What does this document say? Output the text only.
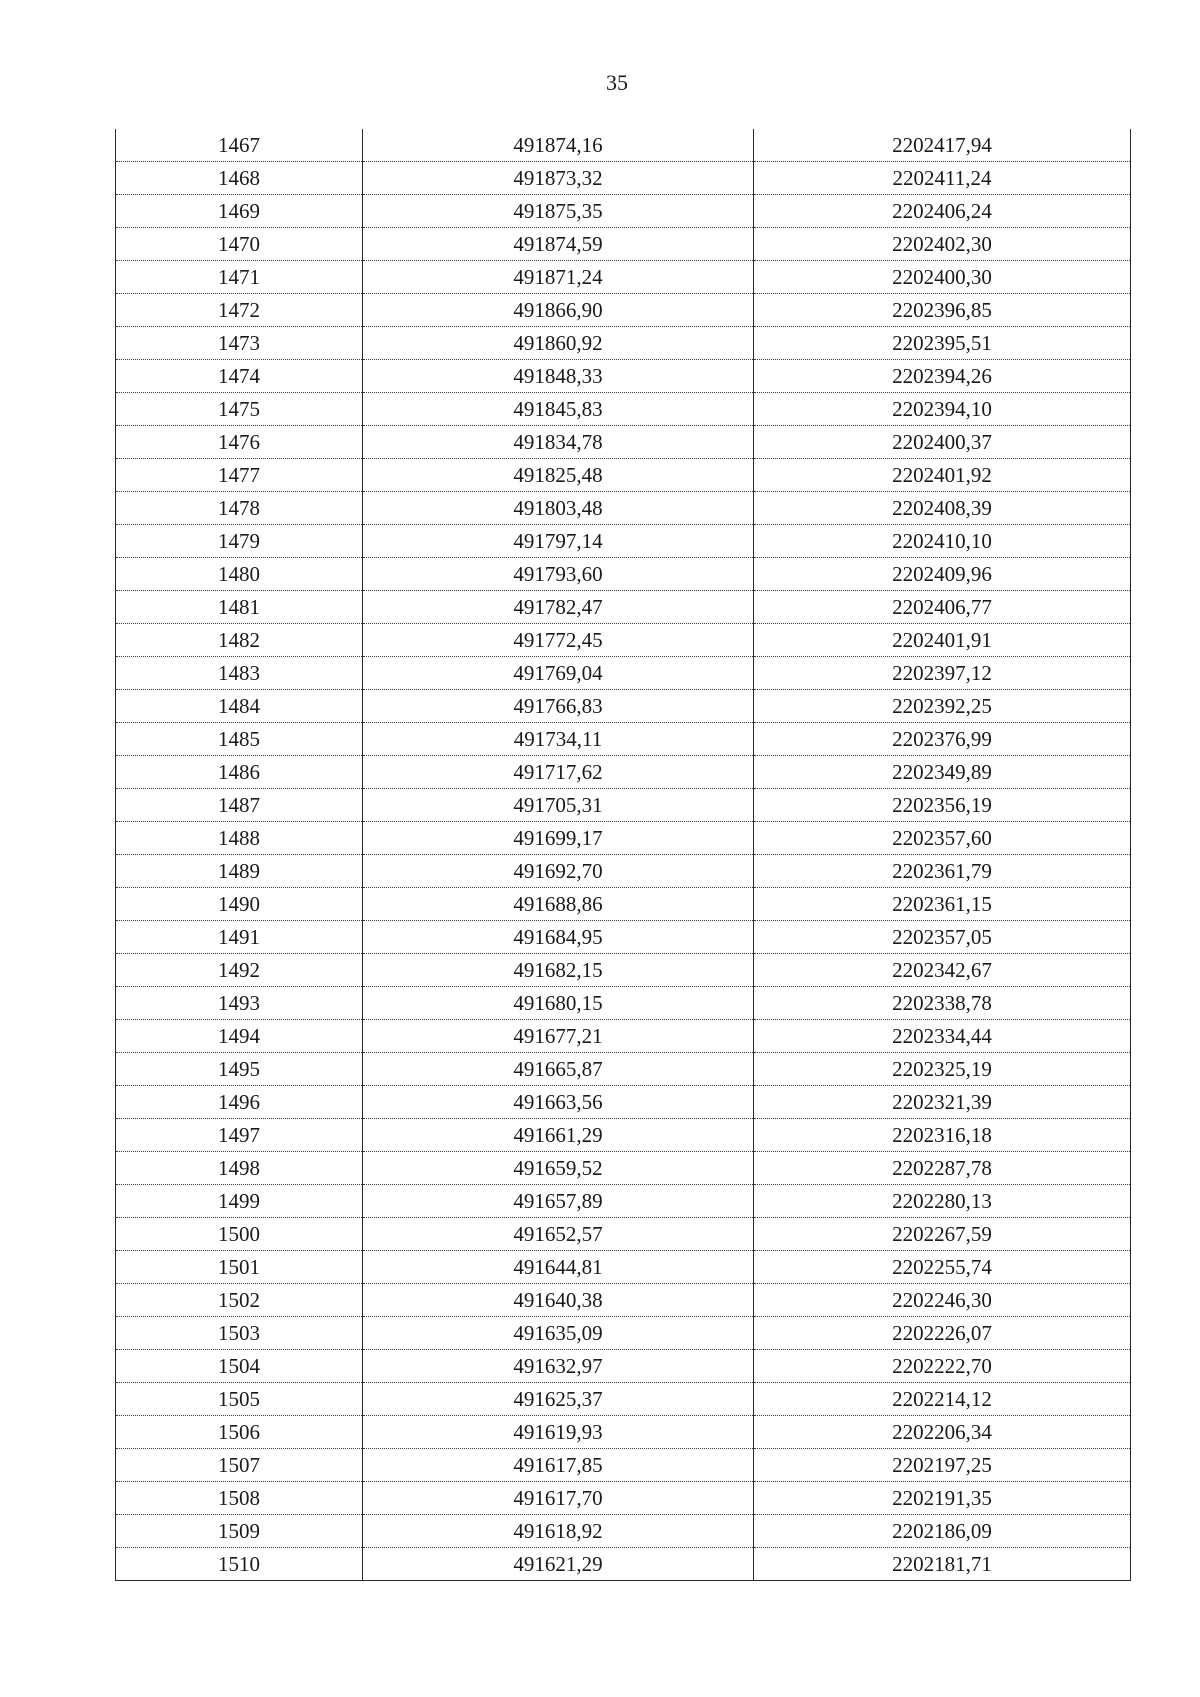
35
1467	491874,16	2202417,94
1468	491873,32	2202411,24
1469	491875,35	2202406,24
1470	491874,59	2202402,30
1471	491871,24	2202400,30
1472	491866,90	2202396,85
1473	491860,92	2202395,51
1474	491848,33	2202394,26
1475	491845,83	2202394,10
1476	491834,78	2202400,37
1477	491825,48	2202401,92
1478	491803,48	2202408,39
1479	491797,14	2202410,10
1480	491793,60	2202409,96
1481	491782,47	2202406,77
1482	491772,45	2202401,91
1483	491769,04	2202397,12
1484	491766,83	2202392,25
1485	491734,11	2202376,99
1486	491717,62	2202349,89
1487	491705,31	2202356,19
1488	491699,17	2202357,60
1489	491692,70	2202361,79
1490	491688,86	2202361,15
1491	491684,95	2202357,05
1492	491682,15	2202342,67
1493	491680,15	2202338,78
1494	491677,21	2202334,44
1495	491665,87	2202325,19
1496	491663,56	2202321,39
1497	491661,29	2202316,18
1498	491659,52	2202287,78
1499	491657,89	2202280,13
1500	491652,57	2202267,59
1501	491644,81	2202255,74
1502	491640,38	2202246,30
1503	491635,09	2202226,07
1504	491632,97	2202222,70
1505	491625,37	2202214,12
1506	491619,93	2202206,34
1507	491617,85	2202197,25
1508	491617,70	2202191,35
1509	491618,92	2202186,09
1510	491621,29	2202181,71
